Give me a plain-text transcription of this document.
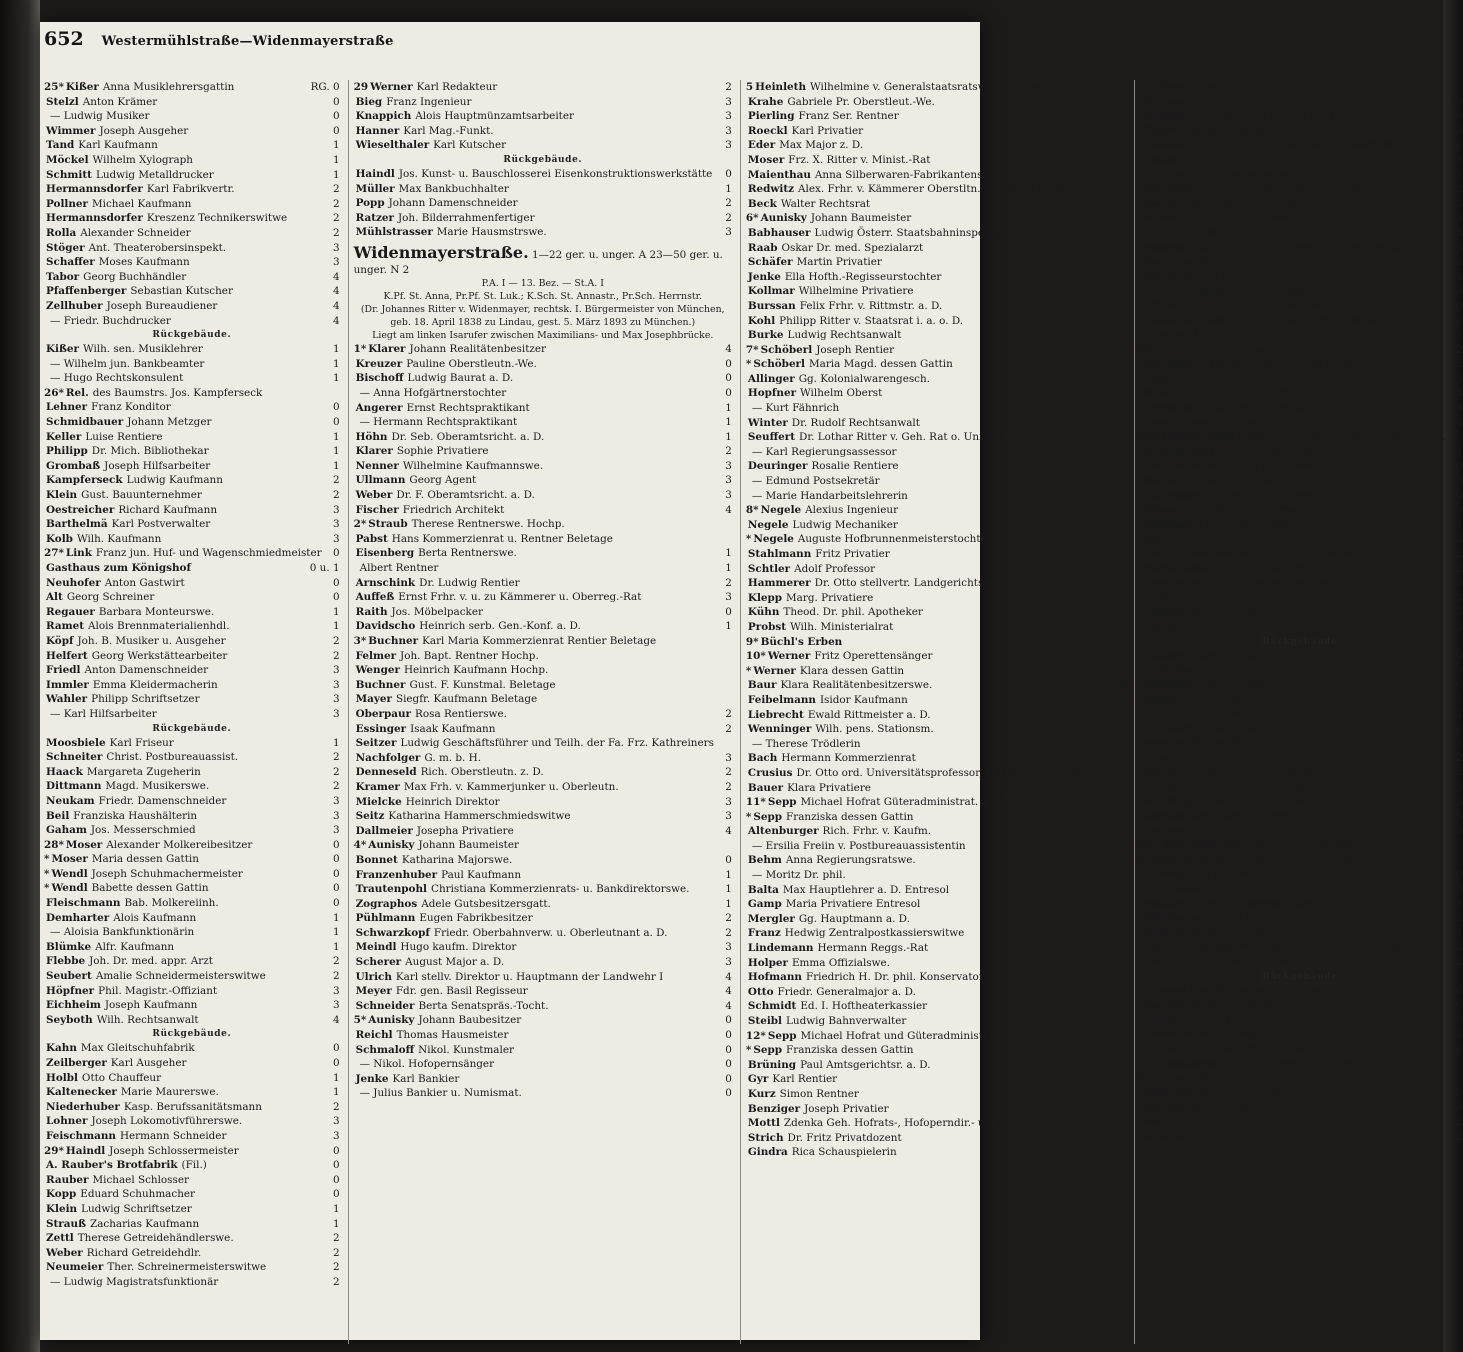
652 Westermühlstraße—Widenmayerstraße
25* Kißer Anna Musiklehrersgattin	RG. 0
Stelzl Anton Krämer	0
— Ludwig Musiker	0
Wimmer Joseph Ausgeher	0
Tand Karl Kaufmann	1
Möckel Wilhelm Xylograph	1
Schmitt Ludwig Metalldrucker	1
Hermannsdorfer Karl Fabrikvertr.	2
Pollner Michael Kaufmann	2
Hermannsdorfer Kreszenz Technikerswitwe	2
Rolla Alexander Schneider	2
Stöger Ant. Theaterobersinspekt.	3
Schaffer Moses Kaufmann	3
Tabor Georg Buchhändler	4
Pfaffenberger Sebastian Kutscher	4
Zellhuber Joseph Bureaudiener	4
— Friedr. Buchdrucker	4
Rückgebäude.
Kißer Wilh. sen. Musiklehrer	1
— Wilhelm jun. Bankbeamter	1
— Hugo Rechtskonsulent	1
26* Rel. des Baumstrs. Jos. Kampferseck
Lehner Franz Konditor	0
Schmidbauer Johann Metzger	0
Keller Luise Rentiere	1
Philipp Dr. Mich. Bibliothekar	1
Grombaß Joseph Hilfsarbeiter	1
Kampferseck Ludwig Kaufmann	2
Klein Gust. Bauunternehmer	2
Oestreicher Richard Kaufmann	3
Barthelmä Karl Postverwalter	3
Kolb Wilh. Kaufmann	3
27* Link Franz jun. Huf- und Wagenschmiedmeister	0
Gasthaus zum Königshof	0 u. 1
Neuhofer Anton Gastwirt	0
Alt Georg Schreiner	0
Regauer Barbara Monteurswe.	1
Ramet Alois Brennmaterialienhdl.	1
Köpf Joh. B. Musiker u. Ausgeher	2
Helfert Georg Werkstättearbeiter	2
Friedl Anton Damenschneider	3
Immler Emma Kleidermacherin	3
Wahler Philipp Schriftsetzer	3
— Karl Hilfsarbeiter	3
Rückgebäude.
Moosbiele Karl Friseur	1
Schneiter Christ. Postbureauassist.	2
Haack Margareta Zugeherin	2
Dittmann Magd. Musikerswe.	2
Neukam Friedr. Damenschneider	3
Beil Franziska Haushälterin	3
Gaham Jos. Messerschmied	3
28* Moser Alexander Molkereibesitzer	0
* Moser Maria dessen Gattin	0
* Wendl Joseph Schuhmachermeister	0
* Wendl Babette dessen Gattin	0
Fleischmann Bab. Molkereiinh.	0
Demharter Alois Kaufmann	1
— Aloisia Bankfunktionärin	1
Blümke Alfr. Kaufmann	1
Flebbe Joh. Dr. med. appr. Arzt	2
Seubert Amalie Schneidermeisterswitwe	2
Höpfner Phil. Magistr.-Offiziant	3
Eichheim Joseph Kaufmann	3
Seyboth Wilh. Rechtsanwalt	4
Rückgebäude.
Kahn Max Gleitschuhfabrik	0
Zeilberger Karl Ausgeher	0
Holbl Otto Chauffeur	1
Kaltenecker Marie Maurerswe.	1
Niederhuber Kasp. Berufssanitätsmann	2
Lohner Joseph Lokomotivführerswe.	3
Feischmann Hermann Schneider	3
29* Haindl Joseph Schlossermeister	0
A. Rauber's Brotfabrik (Fil.)	0
Rauber Michael Schlosser	0
Kopp Eduard Schuhmacher	0
Klein Ludwig Schriftsetzer	1
Strauß Zacharias Kaufmann	1
Zettl Therese Getreidehändlerswe.	2
Weber Richard Getreidehdlr.	2
Neumeier Ther. Schreinermeisterswitwe	2
— Ludwig Magistratsfunktionär	2
29 Werner Karl Redakteur	2
Bieg Franz Ingenieur	3
Knappich Alois Hauptmünzamtsarbeiter	3
Hanner Karl Mag.-Funkt.	3
Wieselthaler Karl Kutscher	3
Rückgebäude.
Haindl Jos. Kunst- u. Bauschlosserei Eisenkonstruktionswerkstätte	0
Müller Max Bankbuchhalter	1
Popp Johann Damenschneider	2
Ratzer Joh. Bilderrahmenfertiger	2
Mühlstrasser Marie Hausmstrswe.	3
Widenmayerstraße. 1—22 ger. u. unger. A 23—50 ger. u. unger. N 2
P.A. I — 13. Bez. — St.A. I
K.Pf. St. Anna, Pr.Pf. St. Luk.; K.Sch. St. Annastr., Pr.Sch. Herrnstr.
(Dr. Johannes Ritter v. Widenmayer, rechtsk. I. Bürgermeister von München, geb. 18. April 1838 zu Lindau, gest. 5. März 1893 zu München.)
Liegt am linken Isarufer zwischen Maximilians- und Max Josephbrücke.
1* Klarer Johann Realitätenbesitzer	4
Kreuzer Pauline Oberstleutn.-We.	0
Bischoff Ludwig Baurat a. D.	0
— Anna Hofgärtnerstochter	0
Angerer Ernst Rechtspraktikant	1
— Hermann Rechtspraktikant	1
Höhn Dr. Seb. Oberamtsricht. a. D.	1
Klarer Sophie Privatiere	2
Nenner Wilhelmine Kaufmannswe.	3
Ullmann Georg Agent	3
Weber Dr. F. Oberamtsricht. a. D.	3
Fischer Friedrich Architekt	4
2* Straub Therese Rentnerswe. Hochp.
Pabst Hans Kommerzienrat u. Rentner Beletage
Eisenberg Berta Rentnerswe.	1
Albert Rentner	1
Arnschink Dr. Ludwig Rentier	2
Auffeß Ernst Frhr. v. u. zu Kämmerer u. Oberreg.-Rat	3
Raith Jos. Möbelpacker	0
Davidscho Heinrich serb. Gen.-Konf. a. D.	1
3* Buchner Karl Maria Kommerzienrat Rentier Beletage
Felmer Joh. Bapt. Rentner Hochp.
Wenger Heinrich Kaufmann Hochp.
Buchner Gust. F. Kunstmal. Beletage
Mayer Siegfr. Kaufmann Beletage
Oberpaur Rosa Rentierswe.	2
Essinger Isaak Kaufmann	2
Seitzer Ludwig Geschäftsführer und Teilh. der Fa. Frz. Kathreiners
Nachfolger G. m. b. H.	3
Denneseld Rich. Oberstleutn. z. D.	2
Kramer Max Frh. v. Kammerjunker u. Oberleutn.	2
Mielcke Heinrich Direktor	3
Seitz Katharina Hammerschmiedswitwe	3
Dallmeier Josepha Privatiere	4
4* Aunisky Johann Baumeister
Bonnet Katharina Majorswe.	0
Franzenhuber Paul Kaufmann	1
Trautenpohl Christiana Kommerzienrats- u. Bankdirektorswe.	1
Zographos Adele Gutsbesitzersgatt.	1
Pühlmann Eugen Fabrikbesitzer	2
Schwarzkopf Friedr. Oberbahnverw. u. Oberleutnant a. D.	2
Meindl Hugo kaufm. Direktor	3
Scherer August Major a. D.	3
Ulrich Karl stellv. Direktor u. Hauptmann der Landwehr I	4
Meyer Fdr. gen. Basil Regisseur	4
Schneider Berta Senatspräs.-Tocht.	4
5* Aunisky Johann Baubesitzer	0
Reichl Thomas Hausmeister	0
Schmaloff Nikol. Kunstmaler	0
— Nikol. Hofopernsänger	0
Jenke Karl Bankier	0
— Julius Bankier u. Numismat.	0
5 Heinleth Wilhelmine v. Generalstaatsratswe. Exzellenz	1
Krahe Gabriele Pr. Oberstleut.-We.	1
Pierling Franz Ser. Rentner	1
Roeckl Karl Privatier	2
Eder Max Major z. D.	2
Moser Frz. X. Ritter v. Minist.-Rat	3
Maienthau Anna Silberwaren-Fabrikantenswe.	3
Redwitz Alex. Frhr. v. Kämmerer Oberstltn. u. Leit. d. Gend.-Schule	4
Beck Walter Rechtsrat	4
6* Aunisky Johann Baumeister
Babhauser Ludwig Österr. Staatsbahninspektor a. D.	0
Raab Oskar Dr. med. Spezialarzt	0
Schäfer Martin Privatier	1
Jenke Ella Hofth.-Regisseurstochter	2
Kollmar Wilhelmine Privatiere	2
Burssan Felix Frhr. v. Rittmstr. a. D.	3
Kohl Philipp Ritter v. Staatsrat i. a. o. D.	4
Burke Ludwig Rechtsanwalt	4
7* Schöberl Joseph Rentier	0
* Schöberl Maria Magd. dessen Gattin	1
Allinger Gg. Kolonialwarengesch.	0
Hopfner Wilhelm Oberst	0
— Kurt Fähnrich	0
Winter Dr. Rudolf Rechtsanwalt	2
Seuffert Dr. Lothar Ritter v. Geh. Rat o. Universitätsprofessor	3
— Karl Regierungsassessor	3
Deuringer Rosalie Rentiere	4
— Edmund Postsekretär	4
— Marie Handarbeitslehrerin	4
8* Negele Alexius Ingenieur
Negele Ludwig Mechaniker
* Negele Auguste Hofbrunnenmeisterstochter
Stahlmann Fritz Privatier	0
Schtler Adolf Professor	0
Hammerer Dr. Otto stellvertr. Landgerichtsdirektor	1
Klepp Marg. Privatiere	2
Kühn Theod. Dr. phil. Apotheker	3
Probst Wilh. Ministerialrat	4
9* Büchl's Erben
10* Werner Fritz Operettensänger
* Werner Klara dessen Gattin
Baur Klara Realitätenbesitzerswe.	0
Feibelmann Isidor Kaufmann	0
Liebrecht Ewald Rittmeister a. D.	1
Wenninger Wilh. pens. Stationsm.	1
— Therese Trödlerin	1
Bach Hermann Kommerzienrat	2
Crusius Dr. Otto ord. Universitätsprofessor, Bad. Geh. Hofrat	3
Bauer Klara Privatiere	4
11* Sepp Michael Hofrat Güteradministrat. a. D.	0
* Sepp Franziska dessen Gattin	0
Altenburger Rich. Frhr. v. Kaufm.	0
— Ersilia Freiin v. Postbureauassistentin	0
Behm Anna Regierungsratswe.	0
— Moritz Dr. phil.	0
Balta Max Hauptlehrer a. D. Entresol
Gamp Maria Privatiere Entresol
Mergler Gg. Hauptmann a. D.	1
Franz Hedwig Zentralpostkassierswitwe	1
Lindemann Hermann Reggs.-Rat	1
Holper Emma Offizialswe.	1
Hofmann Friedrich H. Dr. phil. Konservator	2
Otto Friedr. Generalmajor a. D.	2
Schmidt Ed. I. Hoftheaterkassier	3
Steibl Ludwig Bahnverwalter	3
12* Sepp Michael Hofrat und Güteradministrator a. D.	2
* Sepp Franziska dessen Gattin	2
Brüning Paul Amtsgerichtsr. a. D.	0
Gyr Karl Rentier	0
Kurz Simon Rentner	1
Benziger Joseph Privatier	2
Mottl Zdenka Geh. Hofrats-, Hofoperndir.- u. Generalmusikdir.-We.	4
Strich Dr. Fritz Privatdozent	4
Gindra Rica Schauspielerin	4
14* Seyrl Max Gutsbesitzer
Wiesner Michael Ausgeher	00
Schmidt Evelina gen. Landing Schauspielerin	0
Thorwart Gg. Hausmeister	0
Gönner Karol. v. Hauptzollamtskontrolleurs-We.	1
Hielle Alfred Privatier	1
Feinhals Fritz Kammersänger	1
Breuseb Erich Geheimer Kommerzienrat	2
Bach Isidor Kommerzienrat	3
Schmitz Karl Oekonomierat und Rentner	3
— Hans Elektrotechniker	3
Debreuz Gaston Eug. Zivilingen. u. Patentanwalt	3
Remshard Hans Bankdirektor	4
Simon Robert Dr. jur.	4
16* Thuringia Versicherungsgesellsch.	0
Hitzler Jos. Hausm. u. Bureaudien.	0
Neuschotz Adelaide v. Großgrundbes.-Witwe	1
Schaum Adolf Subdirektor	1
Maier Eugen Postinspektor a. D.	2
Stürcke Dr. Hermann Regier.-Rat a. D.	2
Hecht Karl Dr. jur. Bankdirektor	3
Strauß Siegfried Hoflieferant	3
Christian Alfons Bankdirektor	4
Thaw Eduard Rentier	4
18* Hanfstaengl Kath. Hofrats- u. Hofphotographenswe.
Schaidnagel Franz Photograph	1
19* Kaufmann Georg Steuermann	0
Becker Ludwig Tapezierer	0
Thalmann Jos. Photographengeh.	0
Düssel Franz Xaver Malermeister	0
Kaufmann Georg Kanzlist	1
Baierl Thomas Preßzieher	2
Gstottschneider Matth. sen. Zimmermann	2
Hüttenkofer Josepha Näherin	2
Obermaier Cäcilie Zimmermannswitwe	3
Schönn Joseph Musiker	3
Gstipl Matthäus Taglöhner	3
Kaiser Alois Schlosser	3
Rückgebäude.
Neuhirl Xaver Taglöhner	0
Schäffler Anton Zimmermann	0
Kohwagner Lorenz Metzger	0
Benglan Therese Fabrikarbeiterswitwe	1
— Anton Schlosser	1
Lembach Ludwig Kassier	1
Weinbeck Franz Maurer	1
Neumaier August Chauffeur	2
Kaiser Magdalena Zimmermannswitwe	2
Gruber Simon Instrumentenmach.	3
Schilling Anna Kupferdruckerswe.	3
Dambacher Joseph Maurer	3
Fischer Georg Schreiner	3
20* Benediter Wilh. Brauereibuchhalter
* Reitmeier Maria Volksschullehrersgattin
Sauer Kilian Gastwirt	0
Kreitmayr Franz Linoleumleger	0
Dellerer Anna Zimmermannswe.	1
Höltherler Joseph Stukkateur	1
Schreier Joseph Tischler	1
Gstottschneider Matth. jun. Kanalbauaufseher	2
Zach Kath. Bureauassistentin	2
Rückgebäude.
Schmid Magd. Fabrikarbeiterswe.	0
Hanzeneder Johann Müller	0
Gilch Bonifaz Taglöhner	0
Niedermayer Georg Hilfsarbeiter	1
— Emilie Schneidermeisterswe.	1
21* Benediter Wilh. Brauereibuchhalter
* Reitmeier Maria Volksschullehrersgattin
Hofmann Georg Hutmacher	0
Bachhofer Konrad Tapezierer	0
Bacik Joseph Schneider	2
Scherm Georg Schlosser	2
